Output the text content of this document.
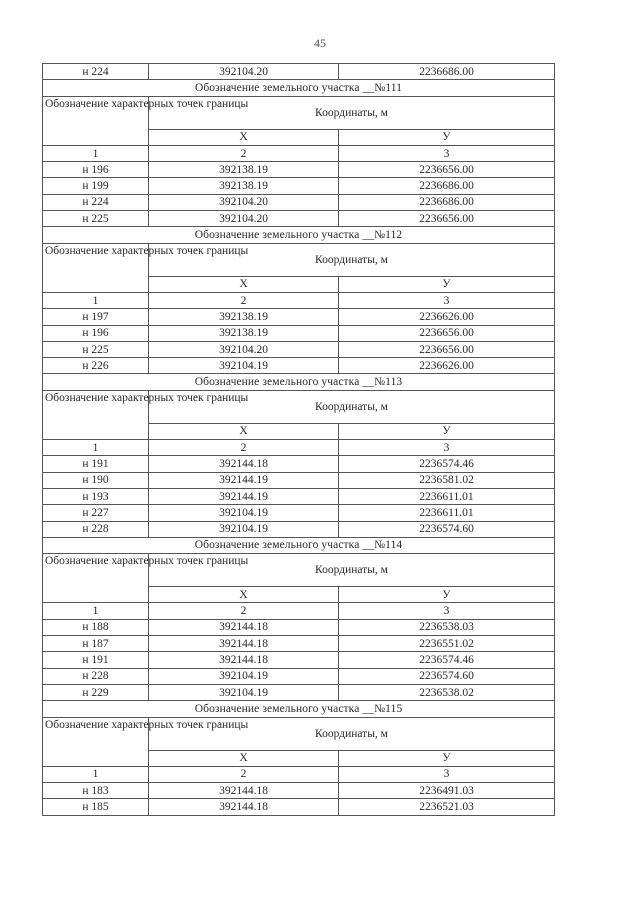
45
н 224	392104.20	2236686.00
Обозначение земельного участка __№111		
Обозначение характерных точек границы	Координаты, м	
	Х	У
1	2	3
н 196	392138.19	2236656.00
н 199	392138.19	2236686.00
н 224	392104.20	2236686.00
н 225	392104.20	2236656.00
Обозначение земельного участка __№112		
Обозначение характерных точек границы	Координаты, м	
	Х	У
1	2	3
н 197	392138.19	2236626.00
н 196	392138.19	2236656.00
н 225	392104.20	2236656.00
н 226	392104.19	2236626.00
Обозначение земельного участка __№113		
Обозначение характерных точек границы	Координаты, м	
	Х	У
1	2	3
н 191	392144.18	2236574.46
н 190	392144.19	2236581.02
н 193	392144.19	2236611.01
н 227	392104.19	2236611.01
н 228	392104.19	2236574.60
Обозначение земельного участка __№114		
Обозначение характерных точек границы	Координаты, м	
	Х	У
1	2	3
н 188	392144.18	2236538.03
н 187	392144.18	2236551.02
н 191	392144.18	2236574.46
н 228	392104.19	2236574.60
н 229	392104.19	2236538.02
Обозначение земельного участка __№115		
Обозначение характерных точек границы	Координаты, м	
	Х	У
1	2	3
н 183	392144.18	2236491.03
н 185	392144.18	2236521.03
